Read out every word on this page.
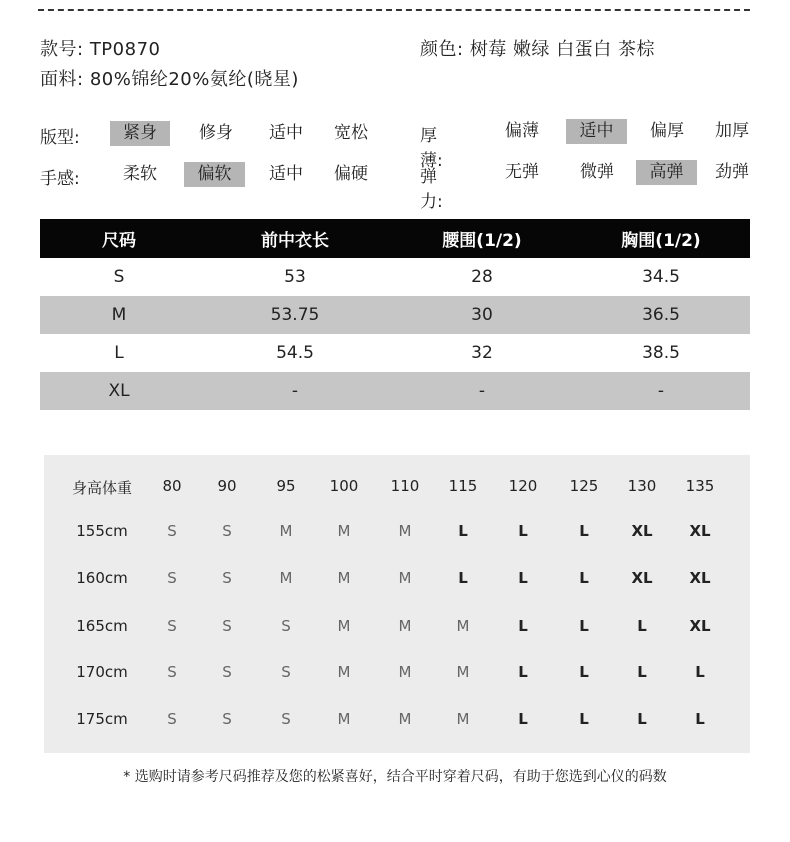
款号: TP0870	颜色: 树莓 嫩绿 白蛋白 茶棕
面料: 80%锦纶20%氨纶(晓星)
版型:	紧身	修身	适中	宽松	厚薄:
偏薄	适中	偏厚	加厚
手感:	柔软	偏软	适中	偏硬	弹力:
无弹	微弹	高弹	劲弹
尺码	前中衣长	腰围(1/2)	胸围(1/2)
S	53	28	34.5
M	53.75	30	36.5
L	54.5	32	38.5
XL	-	-	-
身高体重	80	90	95	100	110	115	120	125	130	135
155cm	S	S	M	M	M	L	L	L	XL	XL
160cm	S	S	M	M	M	L	L	L	XL	XL
165cm	S	S	S	M	M	M	L	L	L	XL
170cm	S	S	S	M	M	M	L	L	L	L
175cm	S	S	S	M	M	M	L	L	L	L
* 选购时请参考尺码推荐及您的松紧喜好，结合平时穿着尺码，有助于您选到心仪的码数
